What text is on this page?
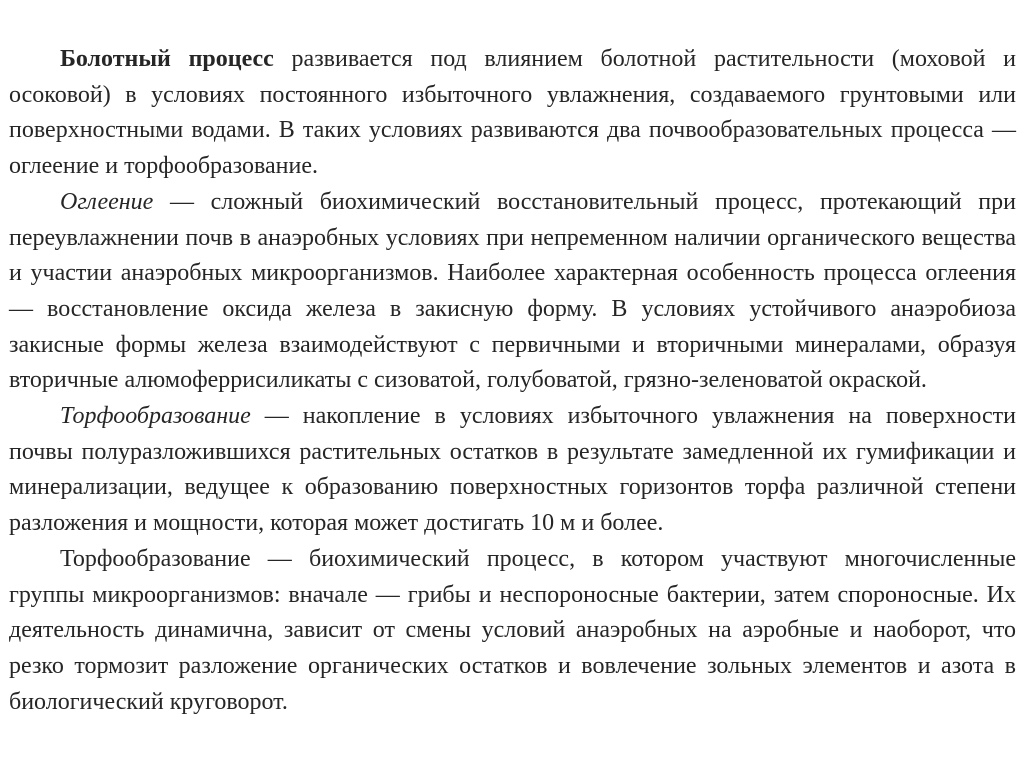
Болотный процесс развивается под влиянием болотной растительности (моховой и осоковой) в условиях постоянного избыточного увлажнения, создаваемого грунтовыми или поверхностными водами. В таких условиях развиваются два почвообразовательных процесса — оглеение и торфообразование.

Оглеение — сложный биохимический восстановительный процесс, протекающий при переувлажнении почв в анаэробных условиях при непременном наличии органического вещества и участии анаэробных микроорганизмов. Наиболее характерная особенность процесса оглеения — восстановление оксида железа в закисную форму. В условиях устойчивого анаэробиоза закисные формы железа взаимодействуют с первичными и вторичными минералами, образуя вторичные алюмоферрисиликаты с сизоватой, голубоватой, грязно-зеленоватой окраской.

Торфообразование — накопление в условиях избыточного увлажнения на поверхности почвы полуразложившихся растительных остатков в результате замедленной их гумификации и минерализации, ведущее к образованию поверхностных горизонтов торфа различной степени разложения и мощности, которая может достигать 10 м и более.

Торфообразование — биохимический процесс, в котором участвуют многочисленные группы микроорганизмов: вначале — грибы и неспороносные бактерии, затем спороносные. Их деятельность динамична, зависит от смены условий анаэробных на аэробные и наоборот, что резко тормозит разложение органических остатков и вовлечение зольных элементов и азота в биологический круговорот.
